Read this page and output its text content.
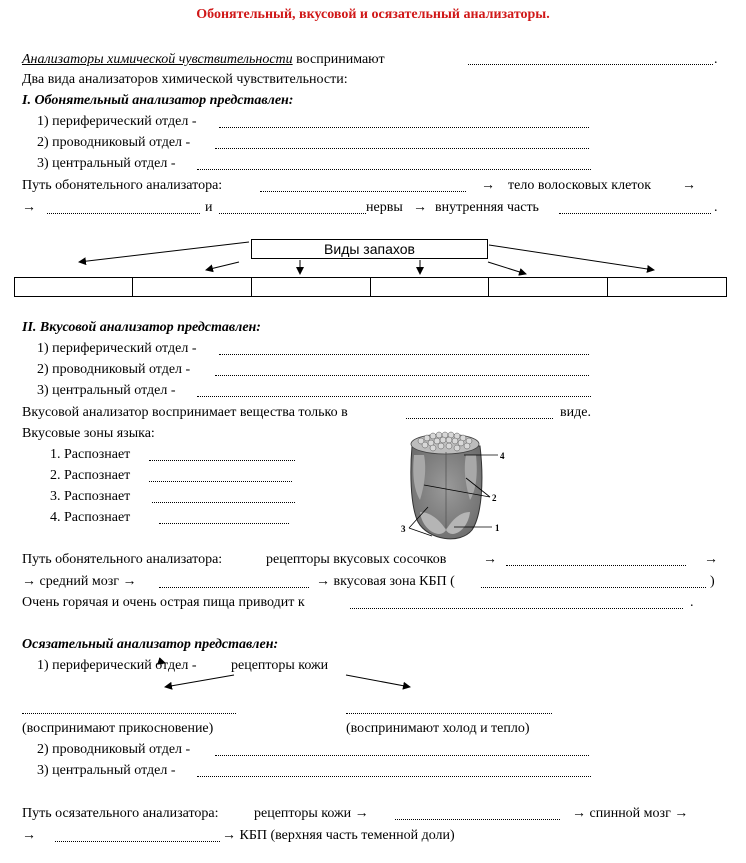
Обонятельный, вкусовой и осязательный анализаторы.
Анализаторы химической чувствительности воспринимают	.
Два вида анализаторов химической чувствительности:
I. Обонятельный анализатор представлен:
1) периферический отдел -
2) проводниковый отдел -
3) центральный отдел -
Путь обонятельного анализатора:	→ тело волосковых клеток →
→	и	нервы → внутренняя часть	.
Виды запахов
II. Вкусовой анализатор представлен:
1) периферический отдел -
2) проводниковый отдел -
3) центральный отдел -
Вкусовой анализатор воспринимает вещества только в	виде.
Вкусовые зоны языка:
1. Распознает
2. Распознает
3. Распознает
4. Распознает
4
2
3	1
Путь обонятельного анализатора:	рецепторы вкусовых сосочков	→	→
→ средний мозг →	→ вкусовая зона КБП (	)
Очень горячая и очень острая пища приводит к	.
Осязательный анализатор представлен:
1) периферический отдел - рецепторы кожи
(воспринимают прикосновение)	(воспринимают холод и тепло)
2) проводниковый отдел -
3) центральный отдел -
Путь осязательного анализатора:	рецепторы кожи →	→ спинной мозг →
→	→ КБП (верхняя часть теменной доли)
